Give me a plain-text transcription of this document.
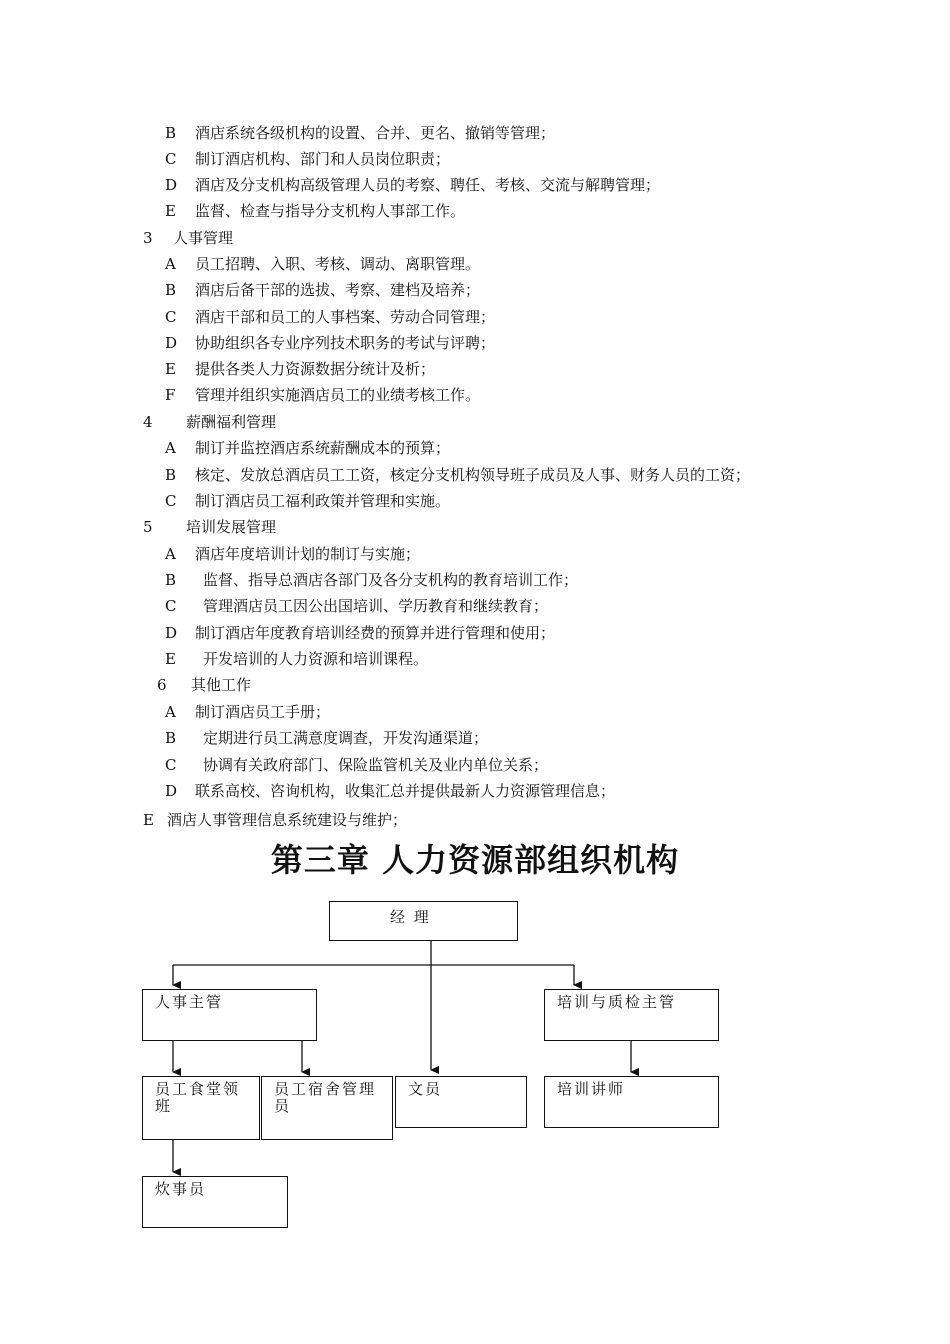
B 酒店系统各级机构的设置、合并、更名、撤销等管理；
C 制订酒店机构、部门和人员岗位职责；
D 酒店及分支机构高级管理人员的考察、聘任、考核、交流与解聘管理；
E 监督、检查与指导分支机构人事部工作。
3 人事管理
A 员工招聘、入职、考核、调动、离职管理。
B 酒店后备干部的选拔、考察、建档及培养；
C 酒店干部和员工的人事档案、劳动合同管理；
D 协助组织各专业序列技术职务的考试与评聘；
E 提供各类人力资源数据分统计及析；
F 管理并组织实施酒店员工的业绩考核工作。
4 薪酬福利管理
A 制订并监控酒店系统薪酬成本的预算；
B 核定、发放总酒店员工工资，核定分支机构领导班子成员及人事、财务人员的工资；
C 制订酒店员工福利政策并管理和实施。
5 培训发展管理
A 酒店年度培训计划的制订与实施；
B 监督、指导总酒店各部门及各分支机构的教育培训工作；
C 管理酒店员工因公出国培训、学历教育和继续教育；
D 制订酒店年度教育培训经费的预算并进行管理和使用；
E 开发培训的人力资源和培训课程。
6 其他工作
A 制订酒店员工手册；
B 定期进行员工满意度调查，开发沟通渠道；
C 协调有关政府部门、保险监管机关及业内单位关系；
D 联系高校、咨询机构，收集汇总并提供最新人力资源管理信息；
E 酒店人事管理信息系统建设与维护；
第三章 人力资源部组织机构
经 理
人事主管	培训与质检主管
员工食堂领班
员工宿舍管理员
文员	培训讲师
炊事员
